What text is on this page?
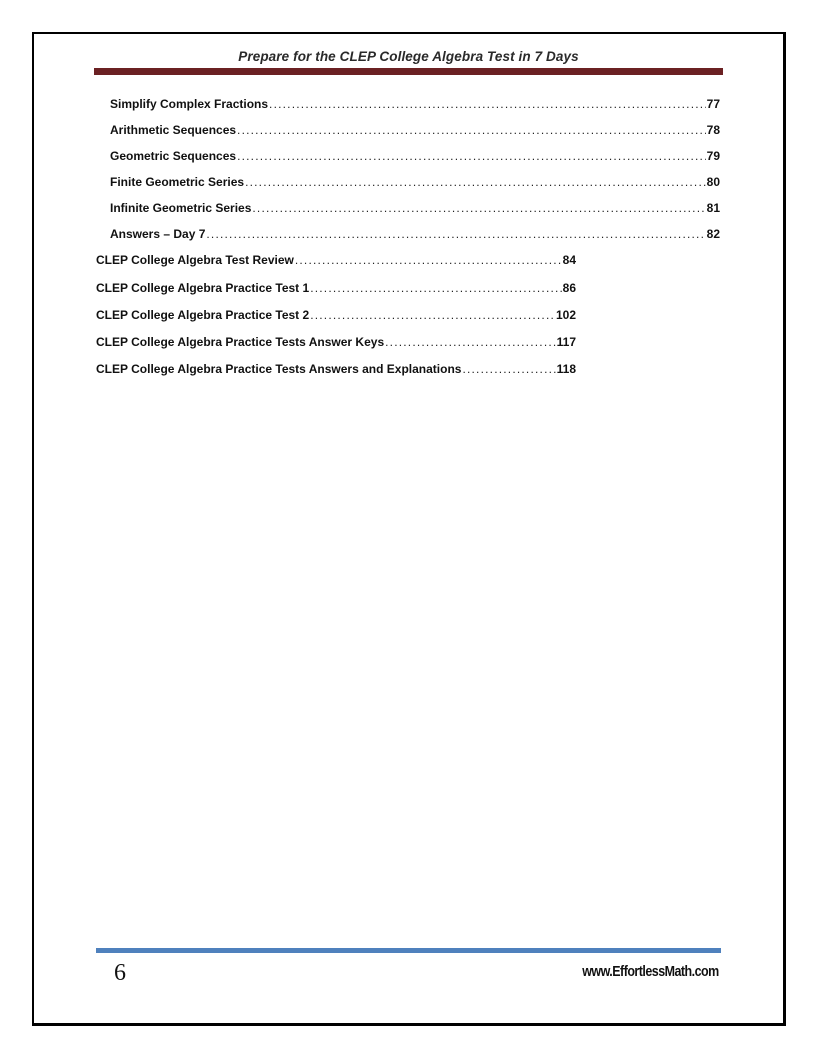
Prepare for the CLEP College Algebra Test in 7 Days
Simplify Complex Fractions .....	77
Arithmetic Sequences .....	78
Geometric Sequences .....	79
Finite Geometric Series .....	80
Infinite Geometric Series .....	81
Answers – Day 7 .....	82
CLEP College Algebra Test Review .....	84
CLEP College Algebra Practice Test 1 .....	86
CLEP College Algebra Practice Test 2 .....	102
CLEP College Algebra Practice Tests Answer Keys .....	117
CLEP College Algebra Practice Tests Answers and Explanations .....	118
6	www.EffortlessMath.com
